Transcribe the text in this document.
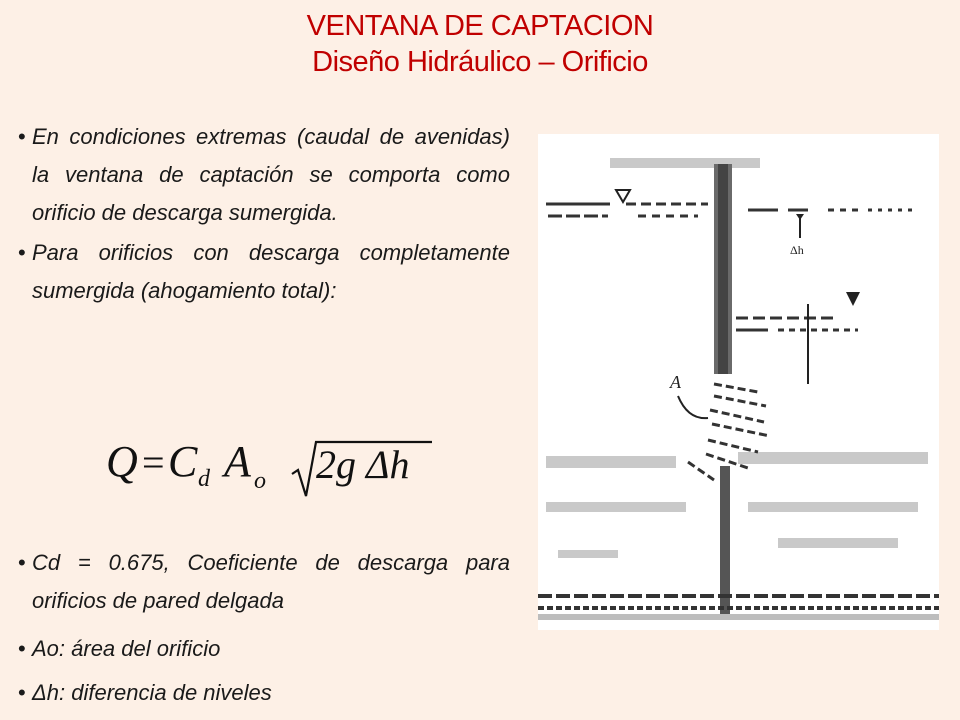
VENTANA DE CAPTACION
Diseño Hidráulico – Orificio
• En condiciones extremas (caudal de avenidas) la ventana de captación se comporta como orificio de descarga sumergida.
• Para orificios con descarga completamente sumergida (ahogamiento total):
• Cd = 0.675, Coeficiente de descarga para orificios de pared delgada
• Ao: área del orificio
• Δh: diferencia de niveles
Q = C d A o 2g Δh
Δh
A
